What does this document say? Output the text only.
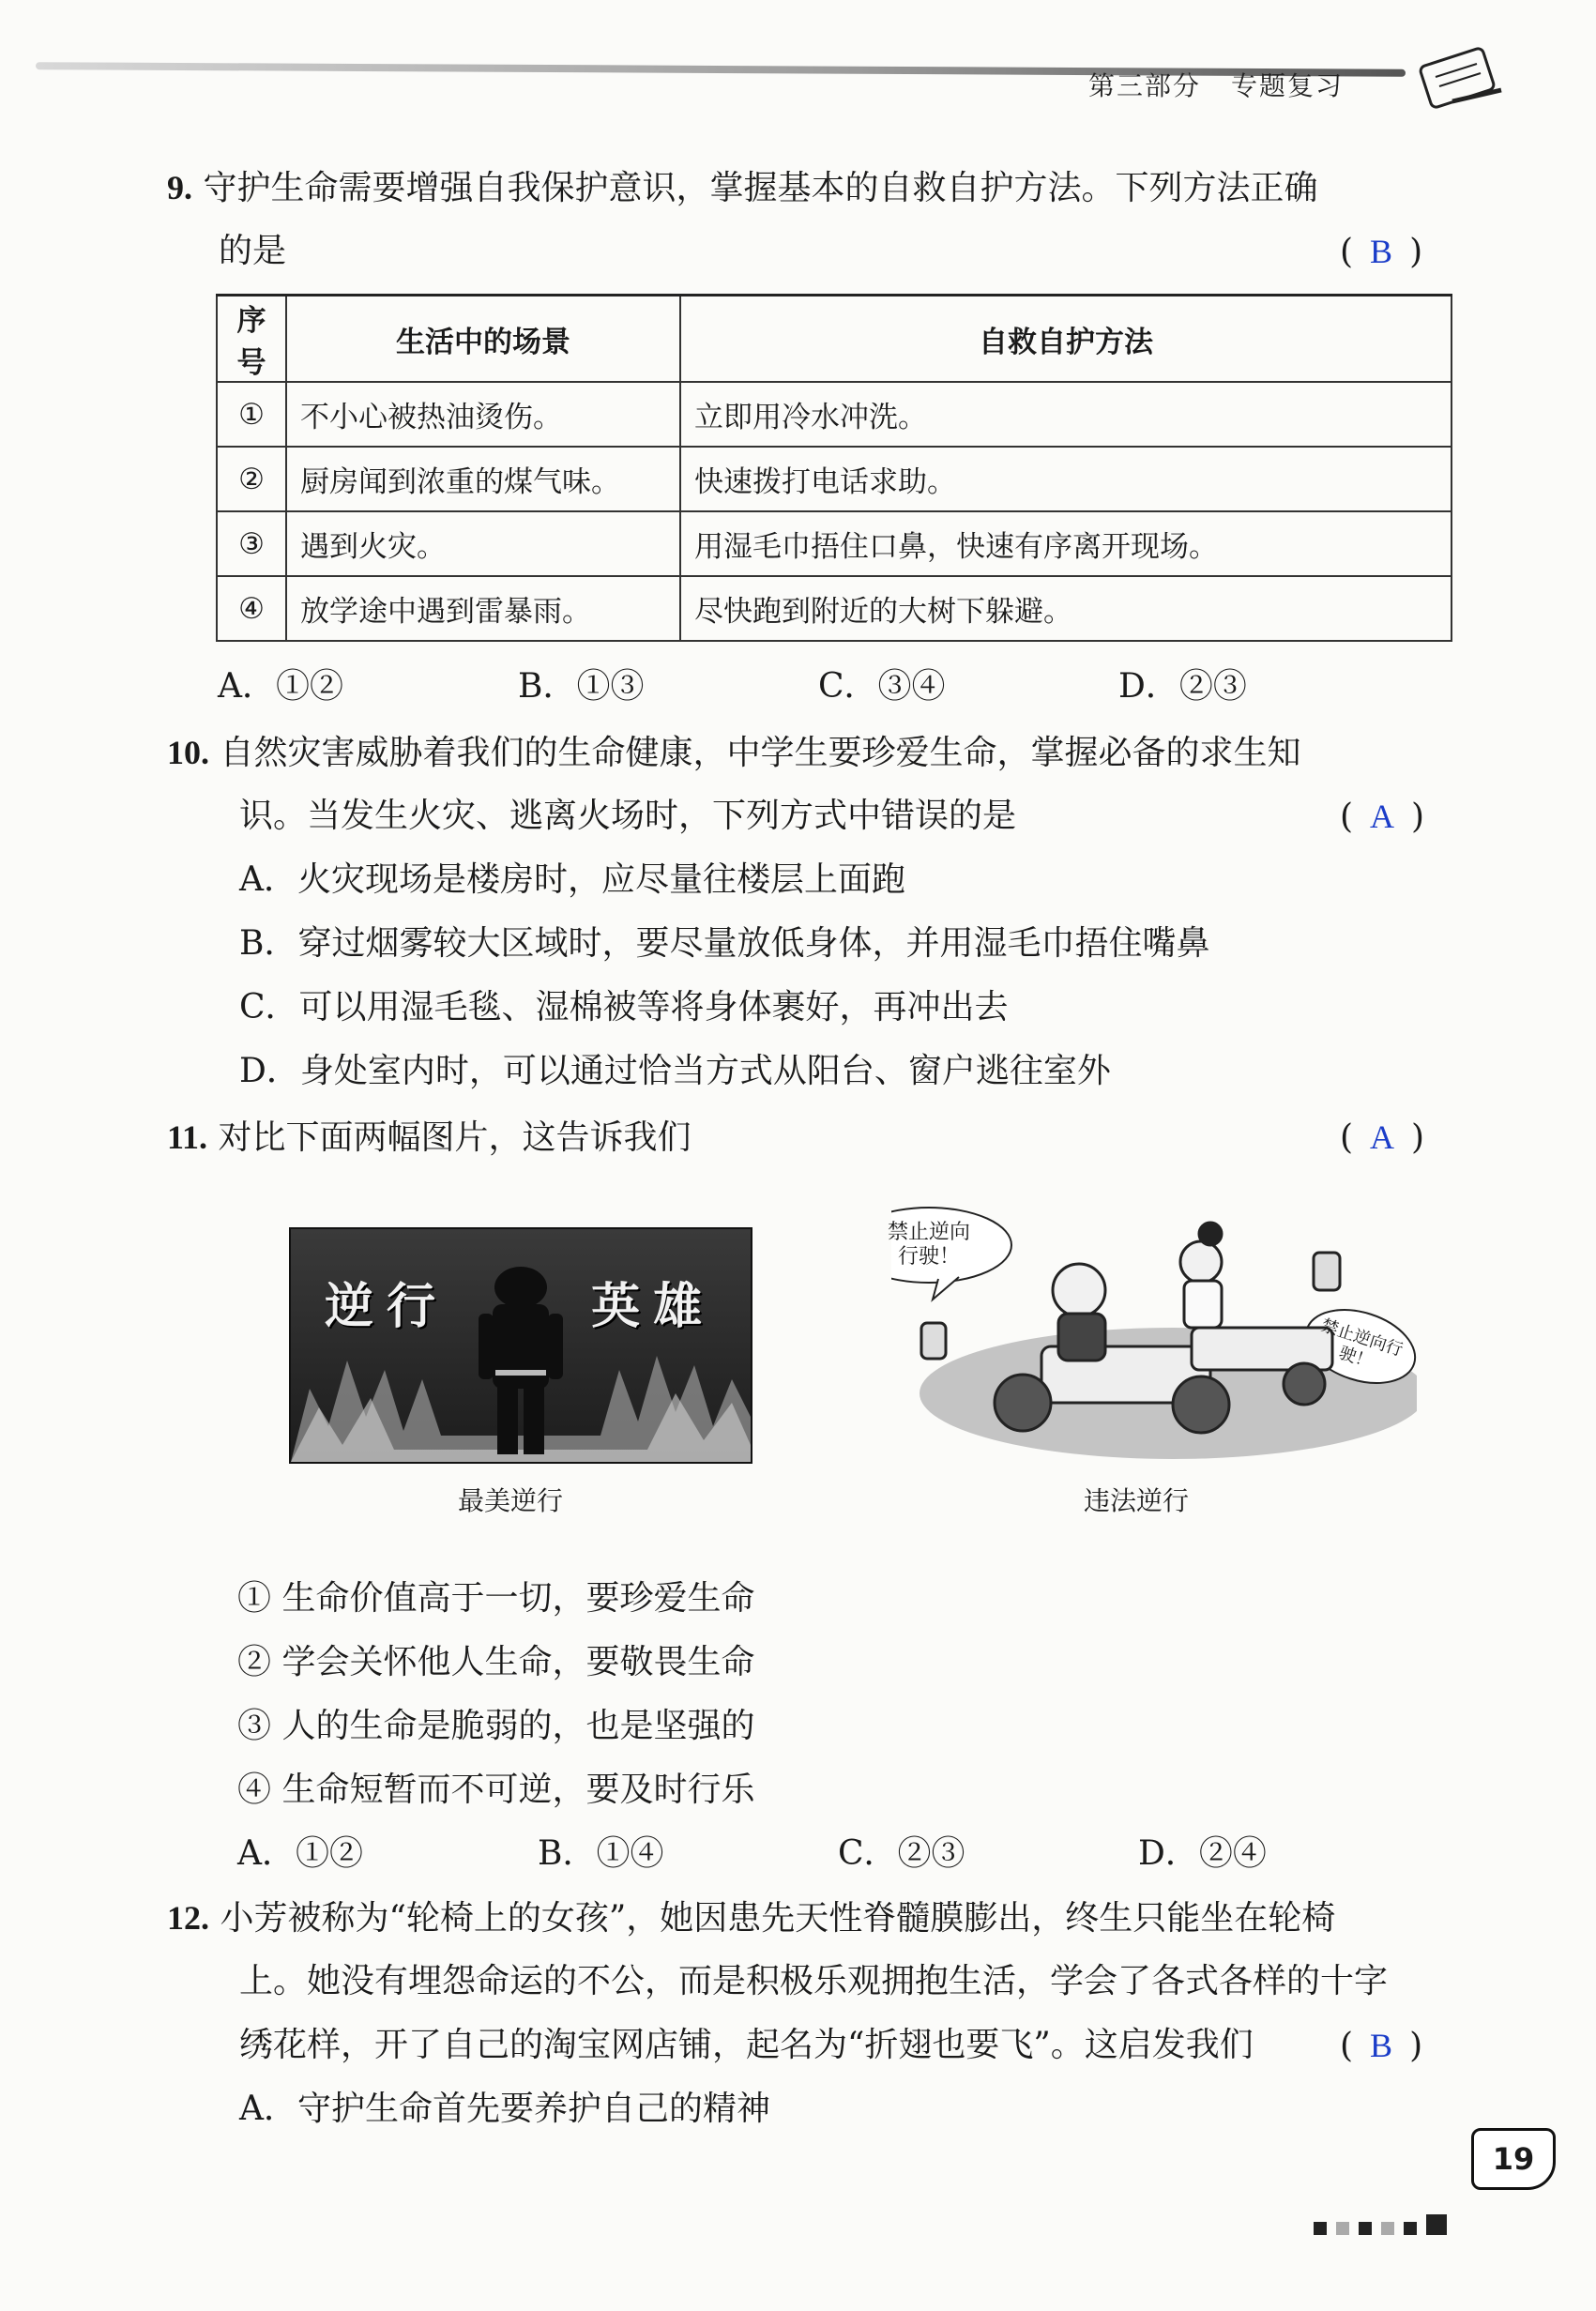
第三部分 专题复习
9. 守护生命需要增强自我保护意识，掌握基本的自救自护方法。下列方法正确
的是	( B )
序号	生活中的场景	自救自护方法
①	不小心被热油烫伤。	立即用冷水冲洗。
②	厨房闻到浓重的煤气味。	快速拨打电话求助。
③	遇到火灾。	用湿毛巾捂住口鼻，快速有序离开现场。
④	放学途中遇到雷暴雨。	尽快跑到附近的大树下躲避。
A．①②	B．①③	C．③④	D．②③
10. 自然灾害威胁着我们的生命健康，中学生要珍爱生命，掌握必备的求生知
识。当发生火灾、逃离火场时，下列方式中错误的是	( A )
A．火灾现场是楼房时，应尽量往楼层上面跑
B．穿过烟雾较大区域时，要尽量放低身体，并用湿毛巾捂住嘴鼻
C．可以用湿毛毯、湿棉被等将身体裹好，再冲出去
D．身处室内时，可以通过恰当方式从阳台、窗户逃往室外
11. 对比下面两幅图片，这告诉我们	( A )
逆行 英雄
最美逆行
禁止逆向行驶！
禁止逆向行驶！
违法逆行
① 生命价值高于一切，要珍爱生命
② 学会关怀他人生命，要敬畏生命
③ 人的生命是脆弱的，也是坚强的
④ 生命短暂而不可逆，要及时行乐
A．①②	B．①④	C．②③	D．②④
12. 小芳被称为“轮椅上的女孩”，她因患先天性脊髓膜膨出，终生只能坐在轮椅
上。她没有埋怨命运的不公，而是积极乐观拥抱生活，学会了各式各样的十字
绣花样，开了自己的淘宝网店铺，起名为“折翅也要飞”。这启发我们	( B )
A．守护生命首先要养护自己的精神
19
